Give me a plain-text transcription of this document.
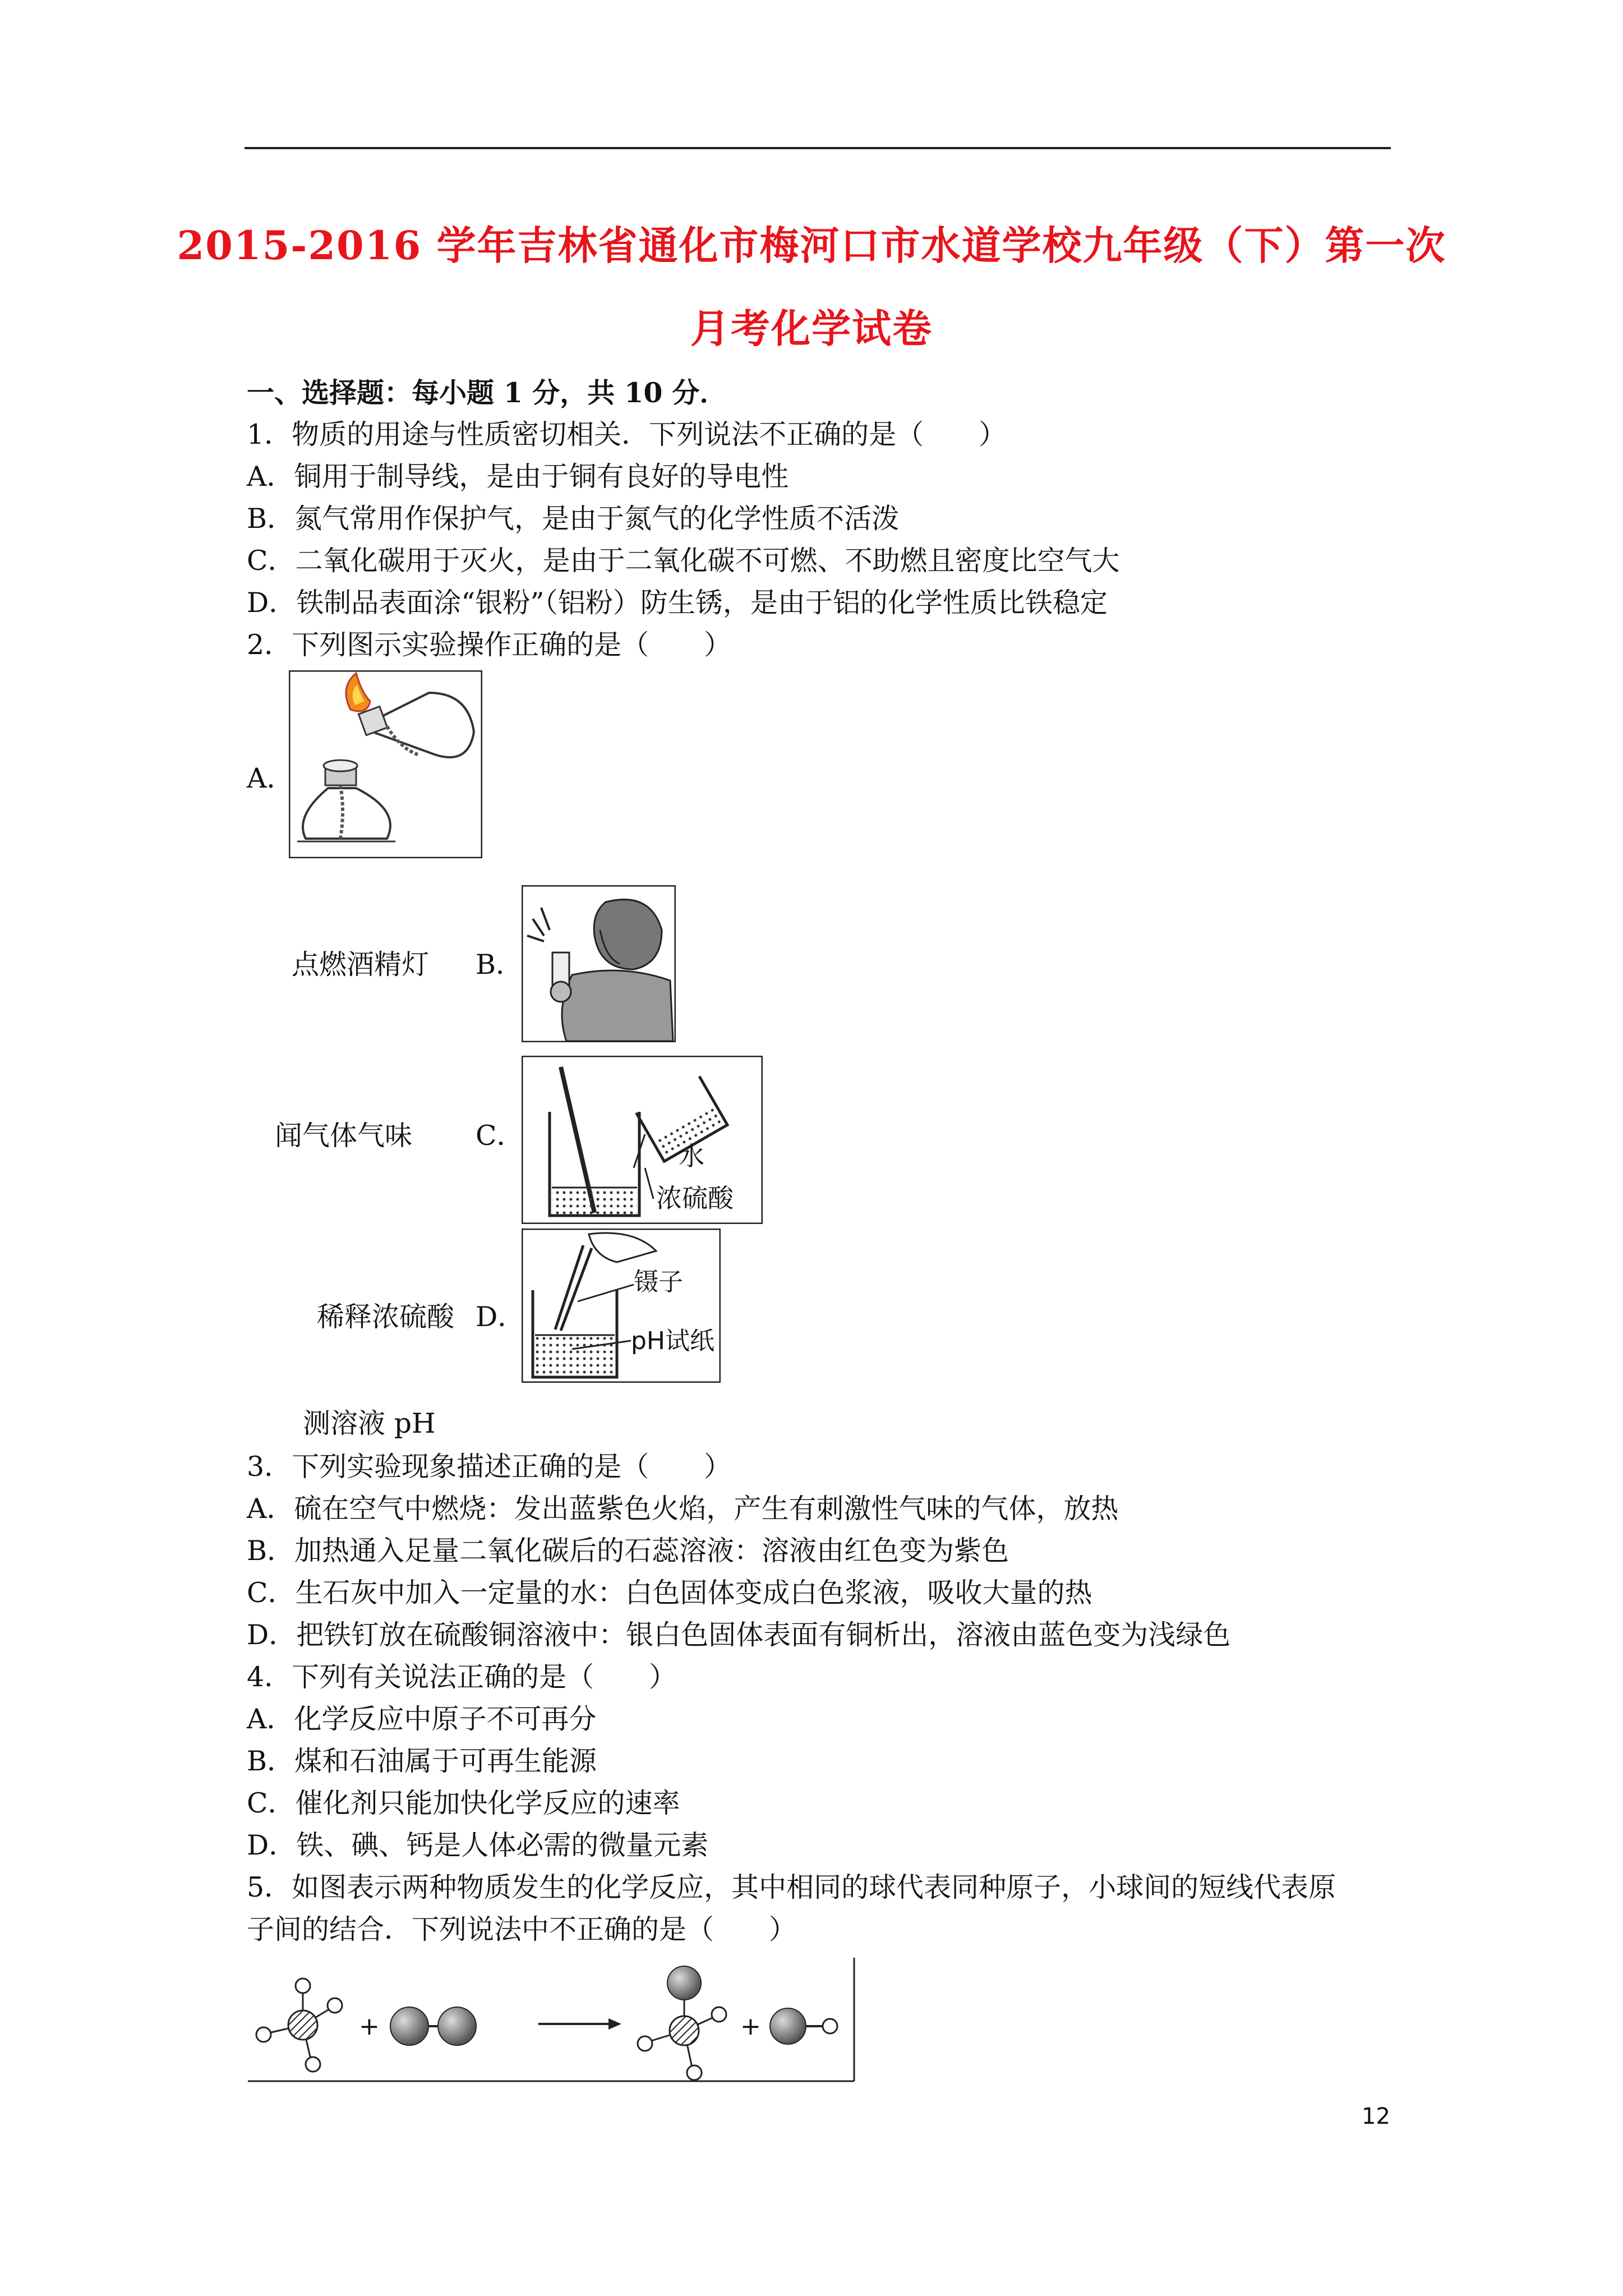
2015-2016 学年吉林省通化市梅河口市水道学校九年级（下）第一次
月考化学试卷
一、选择题：每小题 1 分，共 10 分．
1．物质的用途与性质密切相关．下列说法不正确的是（　　）
A．铜用于制导线，是由于铜有良好的导电性
B．氮气常用作保护气，是由于氮气的化学性质不活泼
C．二氧化碳用于灭火，是由于二氧化碳不可燃、不助燃且密度比空气大
D．铁制品表面涂“银粉”（铝粉）防生锈，是由于铝的化学性质比铁稳定
2．下列图示实验操作正确的是（　　）
A．
点燃酒精灯 B．
闻气体气味 C．
水
浓硫酸
稀释浓硫酸 D．
镊子
pH试纸
测溶液 pH
3．下列实验现象描述正确的是（　　）
A．硫在空气中燃烧：发出蓝紫色火焰，产生有刺激性气味的气体，放热
B．加热通入足量二氧化碳后的石蕊溶液：溶液由红色变为紫色
C．生石灰中加入一定量的水：白色固体变成白色浆液，吸收大量的热
D．把铁钉放在硫酸铜溶液中：银白色固体表面有铜析出，溶液由蓝色变为浅绿色
4．下列有关说法正确的是（　　）
A．化学反应中原子不可再分
B．煤和石油属于可再生能源
C．催化剂只能加快化学反应的速率
D．铁、碘、钙是人体必需的微量元素
5．如图表示两种物质发生的化学反应，其中相同的球代表同种原子，小球间的短线代表原
子间的结合．下列说法中不正确的是（　　）
+	+
12
